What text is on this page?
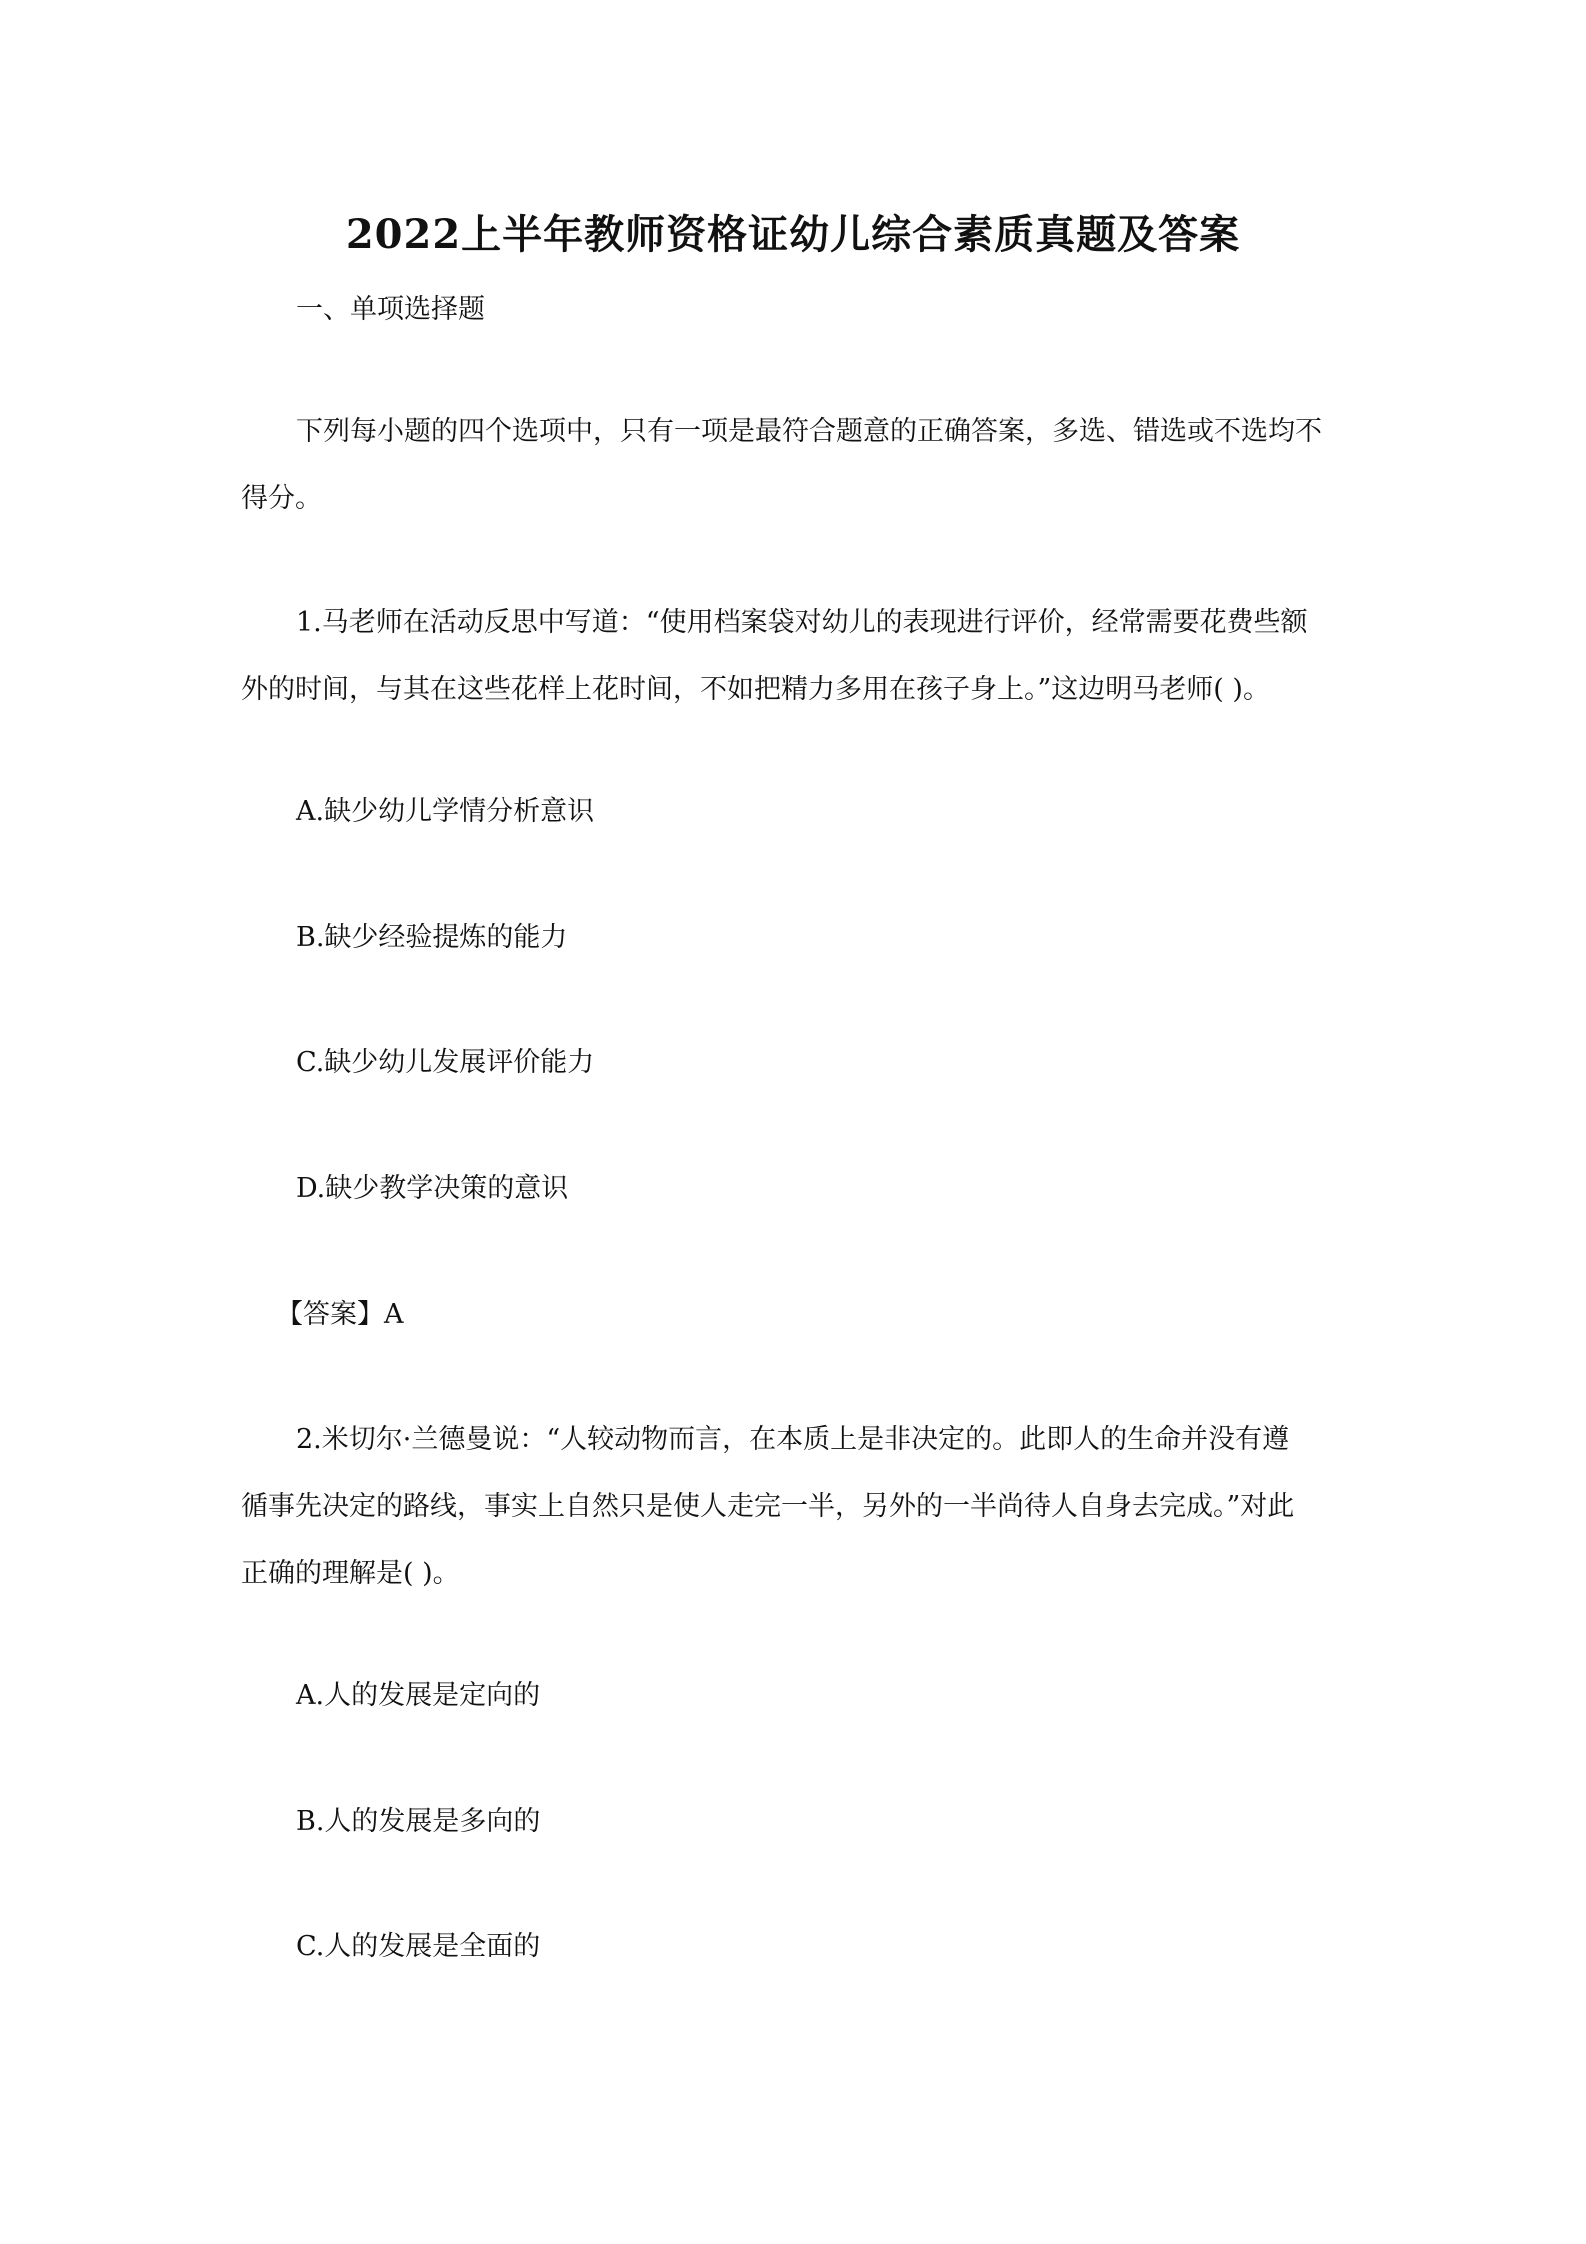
2022上半年教师资格证幼儿综合素质真题及答案
一、单项选择题
下列每小题的四个选项中，只有一项是最符合题意的正确答案，多选、错选或不选均不
得分。
1.马老师在活动反思中写道：“使用档案袋对幼儿的表现进行评价，经常需要花费些额
外的时间，与其在这些花样上花时间，不如把精力多用在孩子身上。”这边明马老师( )。
A.缺少幼儿学情分析意识
B.缺少经验提炼的能力
C.缺少幼儿发展评价能力
D.缺少教学决策的意识
【答案】A
2.米切尔·兰德曼说：“人较动物而言，在本质上是非决定的。此即人的生命并没有遵
循事先决定的路线，事实上自然只是使人走完一半，另外的一半尚待人自身去完成。”对此
正确的理解是( )。
A.人的发展是定向的
B.人的发展是多向的
C.人的发展是全面的
